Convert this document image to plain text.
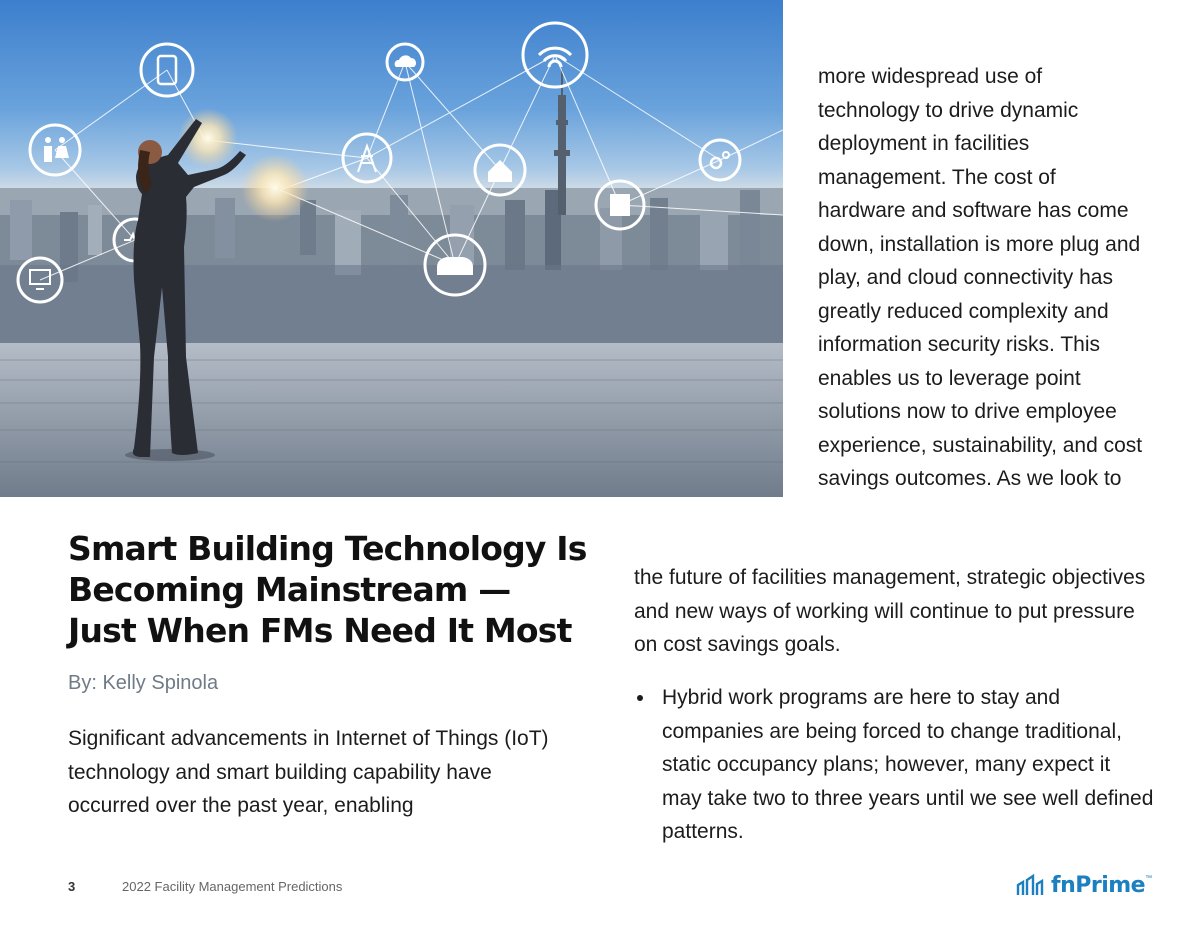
Smart Building Technology Is Becoming Mainstream — Just When FMs Need It Most

By: Kelly Spinola

Significant advancements in Internet of Things (IoT) technology and smart building capability have occurred over the past year, enabling

more widespread use of technology to drive dynamic deployment in facilities management. The cost of hardware and software has come down, installation is more plug and play, and cloud connectivity has greatly reduced complexity and information security risks. This enables us to leverage point solutions now to drive employee experience, sustainability, and cost savings outcomes. As we look to

the future of facilities management, strategic objectives and new ways of working will continue to put pressure on cost savings goals.

Hybrid work programs are here to stay and companies are being forced to change traditional, static occupancy plans; however, many expect it may take two to three years until we see well defined patterns.
3	2022 Facility Management Predictions	fnPrime ™
